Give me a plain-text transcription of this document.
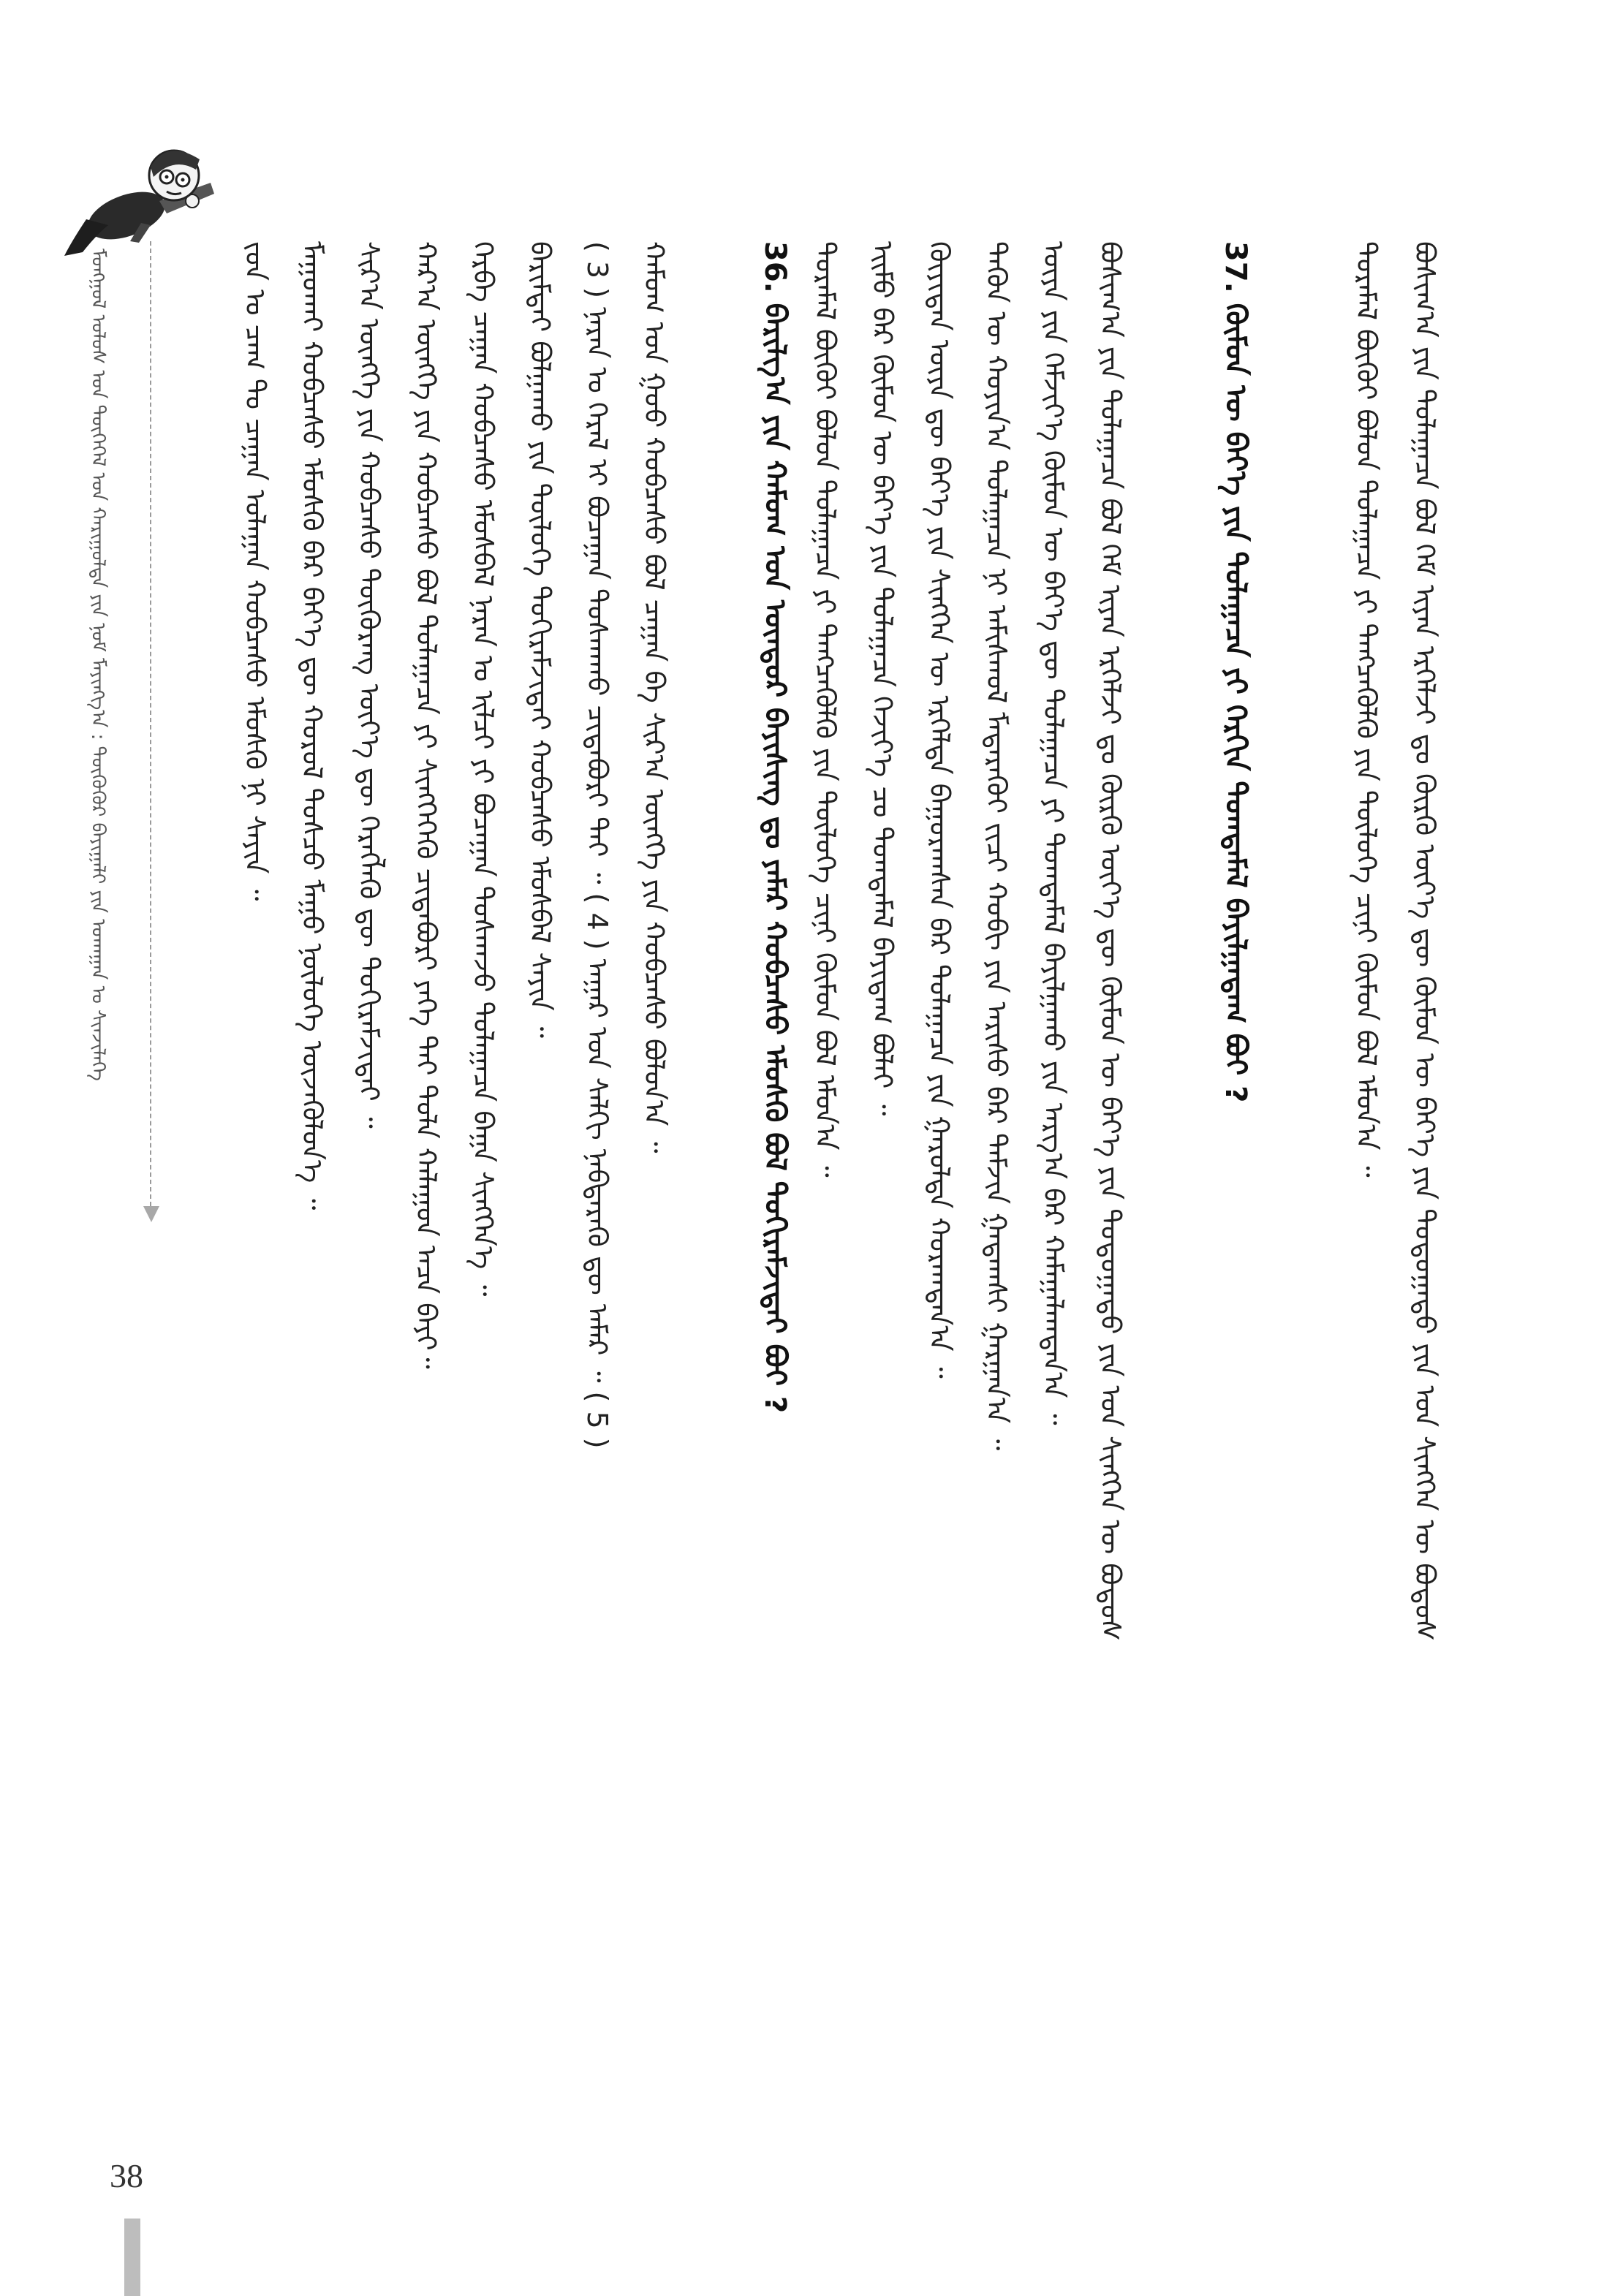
ᠮᠣᠩᠭᠣᠯ ᠤᠯᠤᠰ ᠤᠨ ᠲᠦᠬᠡᠭᠡᠯ ᠤᠨ ᠬᠠᠷᠢᠭᠤᠯᠲᠠ ᠶᠢᠨ ᠨᠣᠮ ᠮᠠᠶᠢᠩᠭ᠎ᠠ : ᠲᠦᠭᠦᠭᠦᠷ ᠪᠠᠶᠢᠭᠠᠯᠢ ᠶᠢᠨ ᠤᠬᠠᠭᠠᠨ ᠤ ᠰᠢᠨᠵᠢᠯᠡᠭᠡ	ᠵᠤᠨ ᠤ ᠴᠠᠭ ᠲᠤ ᠴᠠᠭᠠᠨ ᠤᠯᠠᠭᠠᠨ ᠬᠤᠪᠴᠠᠰᠤ ᠡᠮᠦᠰᠬᠦ ᠨᠢ ᠰᠠᠶᠢᠨ ᠃ ᠮᠠᠭᠤᠬᠠᠢ ᠬᠤᠪᠴᠠᠰᠤ ᠡᠮᠦᠰᠬᠦ ᠪᠡᠷ ᠪᠡᠶ᠎ᠡ ᠳᠦ ᠬᠤᠷᠤᠯ ᠲᠤᠰᠴᠤ ᠮᠠᠭᠤ ᠨᠥᠯᠦᠭᠡ ᠦᠵᠡᠭᠦᠯᠦᠨ᠎ᠡ ᠃ ᠰᠢᠷ᠎ᠠ ᠦᠩᠭᠡ ᠶᠢᠨ ᠬᠤᠪᠴᠠᠰᠤ ᠳᠦᠭᠦᠷᠡᠩ ᠦᠶ᠎ᠡ ᠳᠦ ᠬᠡᠷᠡᠭᠯᠡᠬᠦ ᠳᠦ ᠳᠤᠬᠢᠷᠠᠮᠵᠢᠲᠠᠢ ᠃ ᠬᠠᠷ᠎ᠠ ᠦᠩᠭᠡ ᠶᠢᠨ ᠬᠤᠪᠴᠠᠰᠤ ᠪᠣᠯ ᠳᠤᠯᠠᠭᠠᠴᠠ ᠶᠢ ᠰᠢᠩᠭᠡᠭᠡᠬᠦ ᠴᠢᠳᠠᠪᠤᠷᠢ ᠶᠡᠬᠡ ᠲᠠᠢ ᠲᠤᠯᠠ ᠬᠠᠯᠠᠭᠤᠨ ᠠᠴᠠ ᠪᠠᠶᠢ᠃ ᠬᠡᠷᠪᠡ ᠴᠠᠭᠠᠨ ᠬᠤᠪᠴᠠᠰᠤ ᠡᠮᠦᠰᠪᠡᠯ ᠨᠠᠷᠠᠨ ᠤ ᠢᠯᠴᠢ ᠶᠢ ᠪᠤᠴᠠᠭᠠᠨ ᠲᠤᠰᠬᠠᠵᠤ ᠳᠤᠯᠠᠭᠠᠴᠠ ᠪᠠᠭᠠ ᠰᠢᠩᠭᠡᠨ᠎ᠡ ᠃ ᠪᠠᠷᠢᠮᠲᠠᠢ ᠪᠣᠯᠭᠠᠬᠤ ᠶᠢᠨ ᠲᠥᠯᠦᠭᠡ ᠲᠣᠬᠢᠷᠠᠮᠵᠢᠲᠠᠢ ᠬᠤᠪᠴᠠᠰᠤ ᠡᠮᠦᠰᠪᠡᠯ ᠰᠠᠶᠢᠨ ᠃ ( 3 ) ᠨᠠᠷᠠᠨ ᠤ ᠭᠡᠷᠡᠯ ᠢ ᠪᠤᠴᠠᠭᠠᠨ ᠲᠤᠰᠬᠠᠬᠤ ᠴᠢᠳᠠᠪᠤᠷᠢ ᠲᠠᠢ ᠃ ( 4 ) ᠠᠭᠠᠷ ᠤᠨ ᠰᠠᠯᠬᠢ ᠨᠡᠪᠲᠡᠷᠡᠬᠦ ᠳᠦ ᠠᠮᠠᠷ ᠃ ( 5 ) ᠬᠠᠮᠤᠭ ᠤᠨ ᠭᠣᠤ ᠬᠤᠪᠴᠠᠰᠤ ᠪᠣᠯ ᠴᠠᠭᠠᠨ ᠪᠠ ᠰᠢᠷ᠎ᠠ ᠦᠩᠭᠡ ᠶᠢᠨ ᠬᠤᠪᠴᠠᠰᠤ ᠪᠣᠯᠤᠨ᠎ᠠ ᠃	36. ᠪᠠᠷᠢᠯᠭ᠎ᠠ ᠶᠢᠨ ᠬᠠᠮᠤᠭ ᠤᠨ ᠥᠨᠳᠥᠷ ᠪᠠᠶᠢᠰᠢᠩ ᠳᠤ ᠶᠠᠮᠠᠷ ᠬᠤᠪᠴᠠᠰᠤ ᠡᠮᠦᠰᠬᠦ ᠪᠣᠯ ᠲᠣᠬᠢᠷᠠᠮᠵᠢᠲᠠᠢ ᠪᠣᠢ ? ᠲᠣᠷᠠᠮᠠᠯ ᠪᠦᠬᠦᠢ ᠪᠣᠯᠤᠨ ᠳᠤᠯᠠᠭᠠᠴᠠ ᠶᠢ ᠲᠡᠩᠴᠡᠭᠦᠯᠬᠦ ᠶᠢᠨ ᠲᠥᠯᠦᠭᠡ ᠴᠢᠨᠢ ᠬᠦᠮᠦᠨ ᠪᠣᠯ ᠡᠮᠤᠨ᠎ᠠ ᠃ ᠡᠢᠮᠦ ᠪᠡᠷ ᠬᠦᠮᠦᠨ ᠦ ᠪᠡᠶ᠎ᠡ ᠶᠢᠨ ᠳᠤᠯᠠᠭᠠᠴᠠ ᠬᠡᠵᠢᠶ᠎ᠡ ᠴᠤ ᠲᠣᠭᠲᠠᠮᠠᠯ ᠪᠠᠶᠢᠳᠠᠭ ᠪᠣᠯᠠᠢ ᠃ ᠬᠦᠶᠢᠲᠡᠨ ᠦᠶᠡ ᠳᠦ ᠪᠡᠶ᠎ᠡ ᠶᠢᠨ ᠰᠢᠩᠭᠡᠨ ᠦ ᠡᠷᠭᠡᠯᠲᠡ ᠪᠠᠭᠤᠷᠠᠭᠰᠠᠨ ᠪᠡᠷ ᠳᠤᠯᠠᠭᠠᠴᠠ ᠶᠢᠨ ᠭᠠᠷᠤᠯᠲᠠ ᠬᠣᠷᠠᠭᠳᠠᠨ᠎ᠠ ᠃ ᠲᠡᠭᠦᠨ ᠦ ᠬᠣᠶᠢᠨ᠎ᠠ ᠳᠤᠯᠠᠭᠠᠴᠠ ᠨᠢ ᠠᠮᠢᠰᠬᠤᠯ ᠮᠡᠳᠡᠷᠡᠬᠦᠢ ᠵᠢᠴᠢ ᠬᠤᠪᠢ ᠶᠢᠨ ᠠᠷᠢᠰᠤ ᠪᠠᠷ ᠳᠠᠮᠵᠢᠨ ᠭᠠᠳᠠᠭᠰᠢ ᠭᠠᠷᠭᠠᠨ᠎ᠠ ᠃ ᠦᠶᠡ ᠶᠢᠨ ᠬᠡᠮᠵᠢᠶ᠎ᠡ ᠬᠦᠮᠦᠨ ᠦ ᠪᠡᠶ᠎ᠡ ᠳᠦ ᠳᠤᠯᠠᠭᠠᠴᠠ ᠶᠢ ᠲᠣᠭᠲᠠᠮᠠᠯ ᠪᠠᠶᠢᠯᠭᠠᠬᠤ ᠶᠢᠨ ᠠᠷᠭ᠎ᠠ ᠪᠠᠷ ᠬᠠᠮᠠᠭᠠᠯᠠᠭᠳᠠᠨ᠎ᠠ ᠃ ᠪᠣᠰᠢᠭ᠎ᠠ ᠶᠢᠨ ᠳᠤᠯᠠᠭᠠᠴᠠ ᠪᠣᠯ ᠬᠡᠮ ᠢᠶᠡᠨ ᠡᠷᠭᠡᠯᠵᠢ ᠳᠤ ᠬᠦᠷᠬᠦ ᠦᠶ᠎ᠡ ᠳᠦ ᠬᠦᠮᠦᠨ ᠦ ᠪᠡᠶ᠎ᠡ ᠶᠢᠨ ᠳᠣᠲᠣᠭᠠᠳᠤ ᠶᠢᠨ ᠡᠳ ᠰᠢᠩᠭᠡᠨ ᠦ ᠪᠣᠳᠤᠰ	37. ᠬᠦᠮᠦᠨ ᠦ ᠪᠡᠶ᠎ᠡ ᠶᠢᠨ ᠳᠤᠯᠠᠭᠠᠴᠠ ᠶᠢ ᠬᠡᠷᠬᠢᠨ ᠲᠣᠭᠲᠠᠮᠠᠯ ᠪᠠᠶᠢᠯᠭᠠᠳᠠᠭ ᠪᠣᠢ ?	ᠲᠣᠷᠠᠮᠠᠯ ᠪᠦᠬᠦᠢ ᠪᠣᠯᠤᠨ ᠳᠤᠯᠠᠭᠠᠴᠠ ᠶᠢ ᠲᠡᠩᠴᠡᠭᠦᠯᠬᠦ ᠶᠢᠨ ᠲᠥᠯᠦᠭᠡ ᠴᠢᠨᠢ ᠬᠦᠮᠦᠨ ᠪᠣᠯ ᠡᠮᠤᠨ᠎ᠠ ᠃ ᠪᠣᠰᠢᠭ᠎ᠠ ᠶᠢᠨ ᠳᠤᠯᠠᠭᠠᠴᠠ ᠪᠣᠯ ᠬᠡᠮ ᠢᠶᠡᠨ ᠡᠷᠭᠡᠯᠵᠢ ᠳᠤ ᠬᠦᠷᠬᠦ ᠦᠶ᠎ᠡ ᠳᠦ ᠬᠦᠮᠦᠨ ᠦ ᠪᠡᠶ᠎ᠡ ᠶᠢᠨ ᠳᠣᠲᠣᠭᠠᠳᠤ ᠶᠢᠨ ᠡᠳ ᠰᠢᠩᠭᠡᠨ ᠦ ᠪᠣᠳᠤᠰ
38
